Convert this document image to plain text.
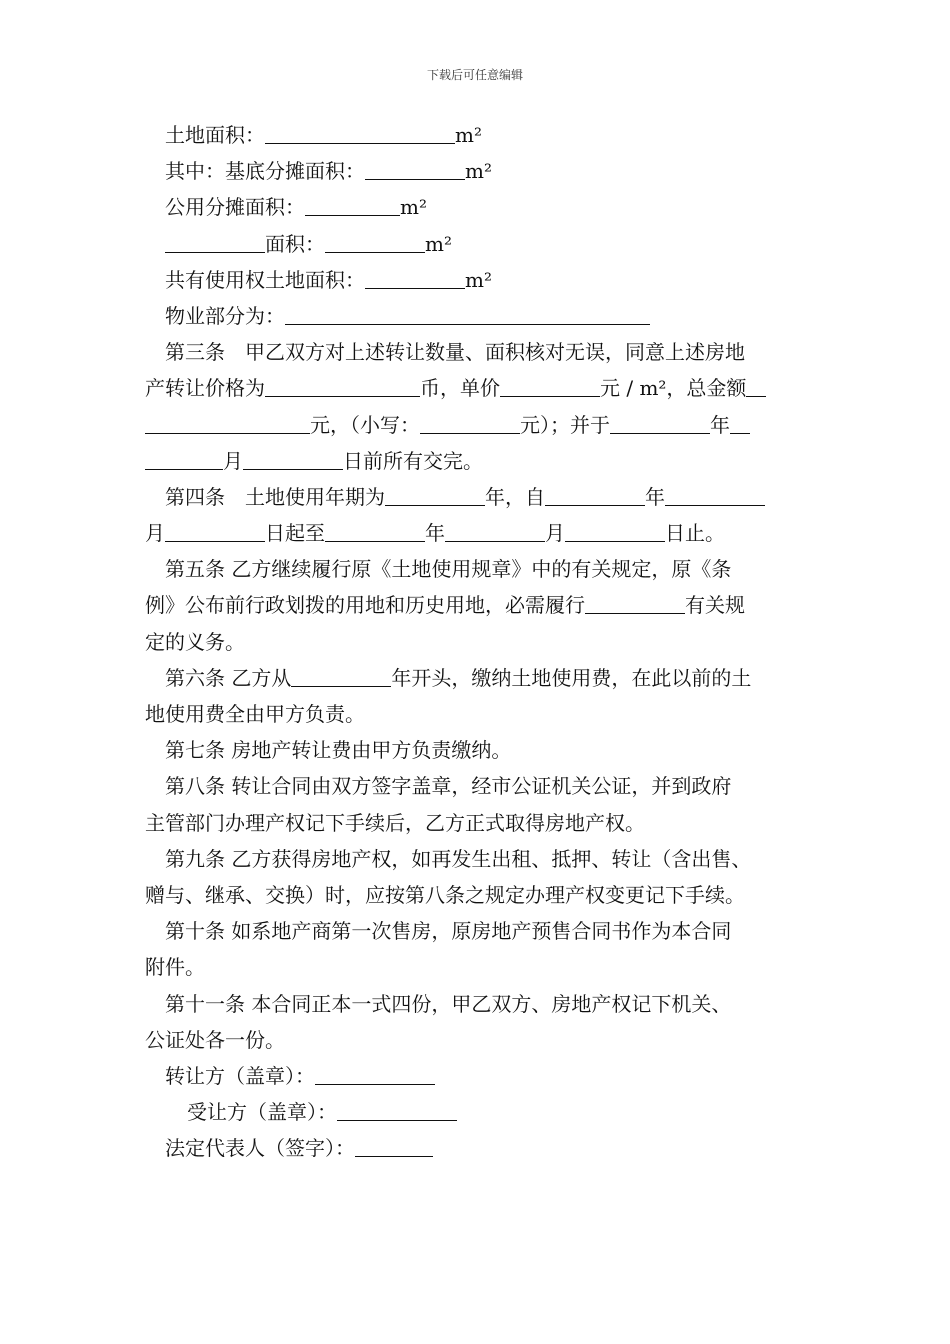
下载后可任意编辑
土地面积：	m²
其中：基底分摊面积：	m²
公用分摊面积：	m²
面积：	m²
共有使用权土地面积：	m²
物业部分为：
第三条　甲乙双方对上述转让数量、面积核对无误，同意上述房地
产转让价格为	币，单价	元 / m²，总金额
元，（小写：	元）；并于	年
月	日前所有交完。
第四条　土地使用年期为	年，自	年
月	日起至	年	月	日止。
第五条 乙方继续履行原《土地使用规章》中的有关规定，原《条
例》公布前行政划拨的用地和历史用地，必需履行	有关规
定的义务。
第六条 乙方从	年开头，缴纳土地使用费，在此以前的土
地使用费全由甲方负责。
第七条 房地产转让费由甲方负责缴纳。
第八条 转让合同由双方签字盖章，经市公证机关公证，并到政府
主管部门办理产权记下手续后，乙方正式取得房地产权。
第九条 乙方获得房地产权，如再发生出租、抵押、转让（含出售、
赠与、继承、交换）时，应按第八条之规定办理产权变更记下手续。
第十条 如系地产商第一次售房，原房地产预售合同书作为本合同
附件。
第十一条 本合同正本一式四份，甲乙双方、房地产权记下机关、
公证处各一份。
转让方（盖章）：
受让方（盖章）：
法定代表人（签字）：
